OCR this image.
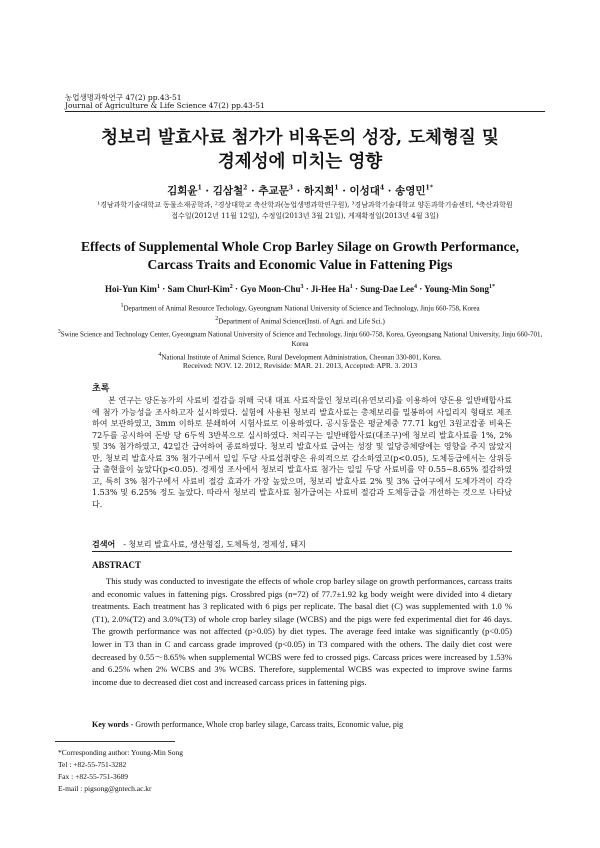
농업생명과학연구 47(2) pp.43-51
Journal of Agriculture & Life Science 47(2) pp.43-51
청보리 발효사료 첨가가 비육돈의 성장, 도체형질 및
경제성에 미치는 영향
김회윤$^1$ · 김삼철$^2$ · 추교문$^3$ · 하지희$^1$ · 이성대$^4$ · 송영민$^{1*}$
¹경남과학기술대학교 동물소재공학과, ²경상대학교 축산학과(농업생명과학연구원), ³경남과학기술대학교 양돈과학기술센터, ⁴축산과학원
접수일(2012년 11월 12일), 수정일(2013년 3월 21일), 게재확정일(2013년 4월 3일)
Effects of Supplemental Whole Crop Barley Silage on Growth Performance,
Carcass Traits and Economic Value in Fattening Pigs
Hoi-Yun Kim$^1$ · Sam Churl-Kim$^2$ · Gyo Moon-Chu$^3$ · Ji-Hee $Ha^1$ · Sung-Dae Lee$^4$ · Young-Min Song$^{1*}$
1Department of Animal Resource Techology, Gyeongnam National University of Science and Technology, Jinju 660-758, Korea
2Department of Animal Science(Insti. of Agri. and Life Sci.)
3Swine Science and Technology Center, Gyeongnam National University of Science and Technology, Jinju 660-758, Korea, Gyeongsang National University, Jinju 660-701, Korea
4National Institute of Animal Science, Rural Development Administration, Cheonan 330-801, Korea.
Received: NOV. 12. 2012, Reviside: MAR. 21. 2013, Accepted: APR. 3. 2013
초록
본 연구는 양돈농가의 사료비 절감을 위해 국내 대표 사료작물인 청보리(유연보리)를 이용하여 양돈용 일반배합사료에 첨가 가능성을 조사하고자 실시하였다. 실험에 사용된 청보리 발효사료는 총체보리를 밀봉하여 사일리지 형태로 제조하여 보관하였고, 3mm 이하로 분쇄하여 시험사료로 이용하였다. 공시동물은 평균체중 77.71 kg인 3원교잡종 비육돈 72두를 공시하여 돈방 당 6두씩 3반복으로 실시하였다. 처리구는 일반배합사료(대조구)에 청보리 발효사료를 1%, 2% 및 3% 첨가하였고, 42일간 급여하여 종료하였다. 청보리 발효사료 급여는 성장 및 일당증체량에는 영향을 주지 않았지만, 청보리 발효사료 3% 첨가구에서 일일 두당 사료섭취량은 유의적으로 감소하였고(p<0.05), 도체등급에서는 상위등급 출현율이 높았다(p<0.05). 경제성 조사에서 청보리 발효사료 첨가는 일일 두당 사료비를 약 0.55~8.65% 절감하였고, 특히 3% 첨가구에서 사료비 절감 효과가 가장 높았으며, 청보리 발효사료 2% 및 3% 급여구에서 도체가격이 각각 1.53% 및 6.25% 정도 높았다. 따라서 청보리 발효사료 첨가급여는 사료비 절감과 도체등급을 개선하는 것으로 나타났다.
검색어 - 청보리 발효사료, 생산형질, 도체특성, 경제성, 돼지
ABSTRACT
This study was conducted to investigate the effects of whole crop barley silage on growth performances, carcass traits and economic values in fattening pigs. Crossbred pigs (n=72) of 77.7±1.92 kg body weight were divided into 4 dietary treatments. Each treatment has 3 replicated with 6 pigs per replicate. The basal diet (C) was supplemented with 1.0 %(T1), 2.0%(T2) and 3.0%(T3) of whole crop barley silage (WCBS) and the pigs were fed experimental diet for 46 days. The growth performance was not affected (p>0.05) by diet types. The average feed intake was significantly (p<0.05) lower in T3 than in C and carcass grade improved (p<0.05) in T3 compared with the others. The daily diet cost were decreased by 0.55～8.65% when supplemental WCBS were fed to crossed pigs. Carcass prices were increased by 1.53% and 6.25% when 2% WCBS and 3% WCBS. Therefore, supplemental WCBS was expected to improve swine farms income due to decreased diet cost and increased carcass prices in fattening pigs.
Key words - Growth performance, Whole crop barley silage, Carcass traits, Economic value, pig
*Corresponding author: Young-Min Song
Tel : +82-55-751-3282
Fax : +82-55-751-3689
E-mail : pigsong@gntech.ac.kr
